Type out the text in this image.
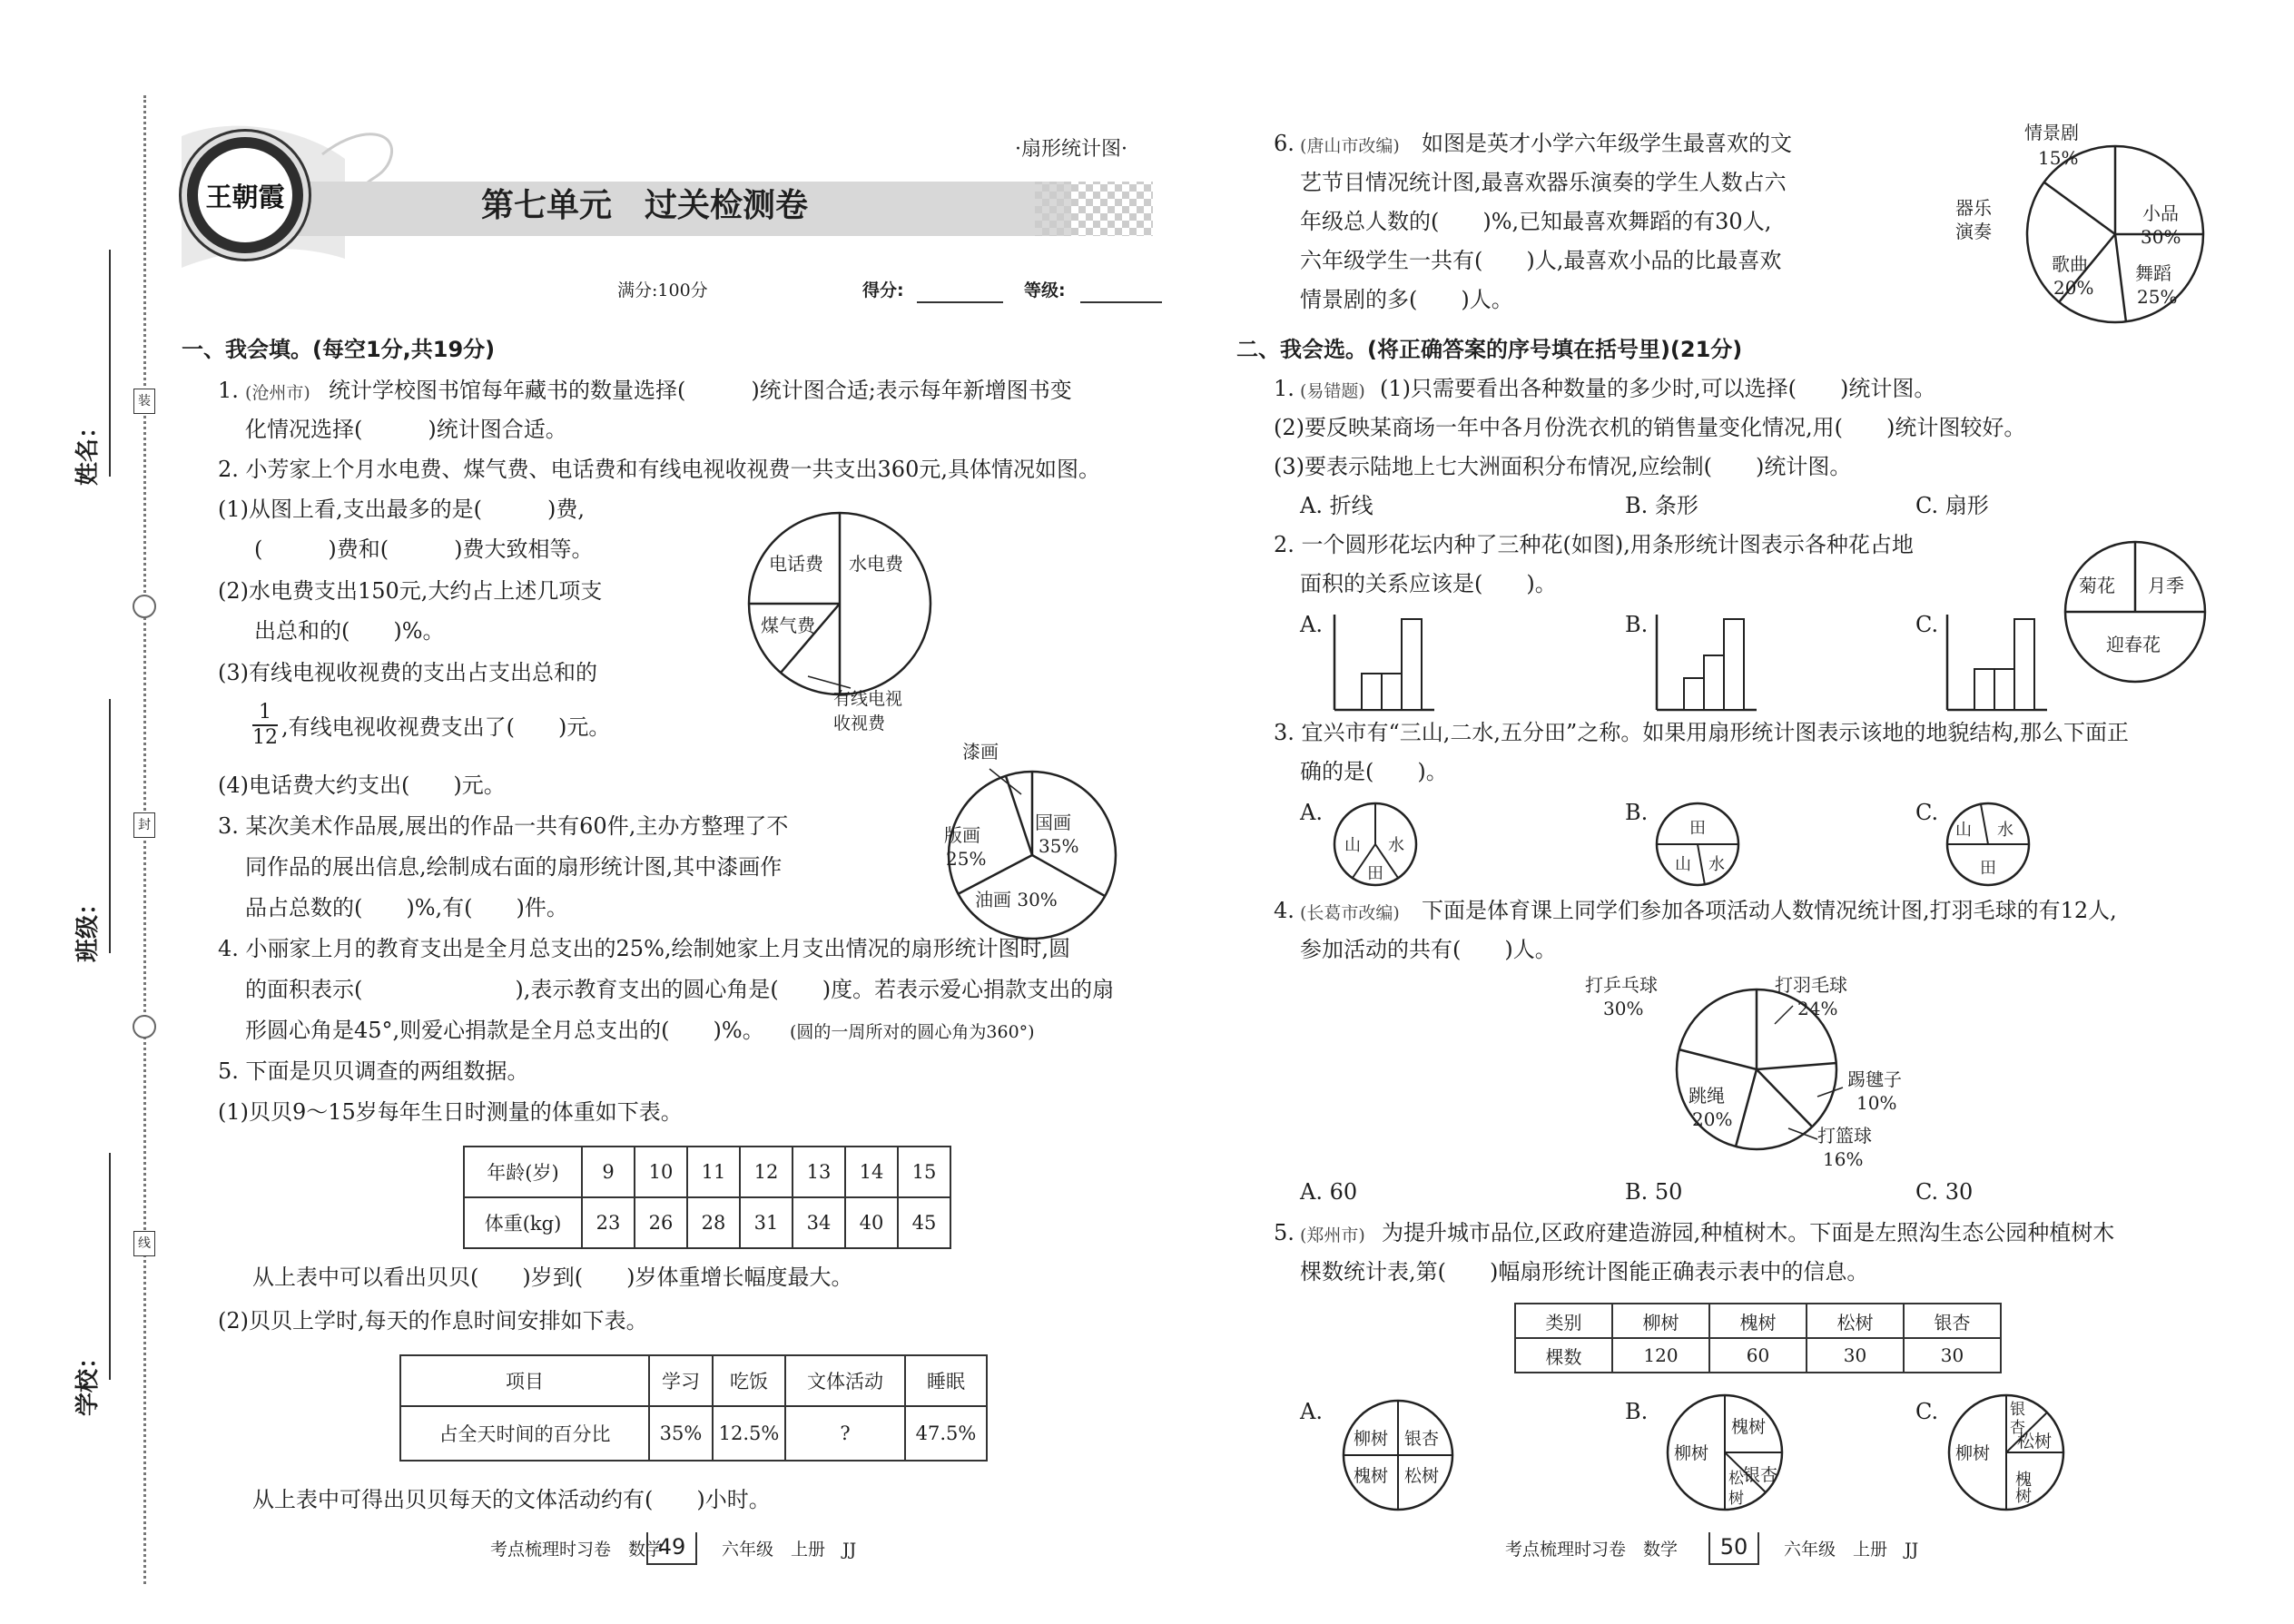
姓名：
班级：
学校：
装
封
线
王朝霞
·扇形统计图·
第七单元　过关检测卷
满分:100分	得分:	等级:
一、我会填。(每空1分,共19分)
1. (沧州市) 统计学校图书馆每年藏书的数量选择(　　　)统计图合适;表示每年新增图书变
化情况选择(　　　)统计图合适。
2. 小芳家上个月水电费、煤气费、电话费和有线电视收视费一共支出360元,具体情况如图。
(1)从图上看,支出最多的是(　　　)费,
(　　　)费和(　　　)费大致相等。
(2)水电费支出150元,大约占上述几项支
出总和的(　　)%。
(3)有线电视收视费的支出占支出总和的
$\frac{1}{12}$ ,有线电视收视费支出了(　　)元。
(4)电话费大约支出(　　)元。
电话费 水电费
煤气费
有线电视
收视费
3. 某次美术作品展,展出的作品一共有60件,主办方整理了不
同作品的展出信息,绘制成右面的扇形统计图,其中漆画作
品占总数的(　　)%,有(　　)件。
漆画
国画
35%
版画
25%
油画 30%
4. 小丽家上月的教育支出是全月总支出的25%,绘制她家上月支出情况的扇形统计图时,圆
的面积表示(　　　　　　　),表示教育支出的圆心角是(　　)度。若表示爱心捐款支出的扇
形圆心角是45°,则爱心捐款是全月总支出的(　　)%。 (圆的一周所对的圆心角为360°)
5. 下面是贝贝调查的两组数据。
(1)贝贝9～15岁每年生日时测量的体重如下表。
年龄(岁)	9	10	11	12	13	14	15
体重(kg)	23	26	28	31	34	40	45
从上表中可以看出贝贝(　　)岁到(　　)岁体重增长幅度最大。
(2)贝贝上学时,每天的作息时间安排如下表。
项目	学习	吃饭	文体活动	睡眠
占全天时间的百分比	35%	12.5%	?	47.5%
从上表中可得出贝贝每天的文体活动约有(　　)小时。
考点梳理时习卷　数学
49	六年级　上册　JJ
6. (唐山市改编) 如图是英才小学六年级学生最喜欢的文
艺节目情况统计图,最喜欢器乐演奏的学生人数占六
年级总人数的(　　)%,已知最喜欢舞蹈的有30人,
六年级学生一共有(　　)人,最喜欢小品的比最喜欢
情景剧的多(　　)人。
情景剧
15%
器乐
演奏
小品
30%
歌曲
20%
舞蹈
25%
二、我会选。(将正确答案的序号填在括号里)(21分)
1. (易错题) (1)只需要看出各种数量的多少时,可以选择(　　)统计图。
(2)要反映某商场一年中各月份洗衣机的销售量变化情况,用(　　)统计图较好。
(3)要表示陆地上七大洲面积分布情况,应绘制(　　)统计图。
A. 折线	B. 条形	C. 扇形
2. 一个圆形花坛内种了三种花(如图),用条形统计图表示各种花占地
面积的关系应该是(　　)。
A.	B.	C.
菊花 月季
迎春花
3. 宜兴市有“三山,二水,五分田”之称。如果用扇形统计图表示该地的地貌结构,那么下面正
确的是(　　)。
A.	B.	C.
山 水
田
田
山 水
山 水
田
4. (长葛市改编) 下面是体育课上同学们参加各项活动人数情况统计图,打羽毛球的有12人,
参加活动的共有(　　)人。
打乒乓球
30%
打羽毛球
24%
踢毽子
10%
跳绳
20%
打篮球
16%
A. 60	B. 50	C. 30
5. (郑州市) 为提升城市品位,区政府建造游园,种植树木。下面是左照沟生态公园种植树木
棵数统计表,第(　　)幅扇形统计图能正确表示表中的信息。
类别	柳树	槐树	松树	银杏
棵数	120	60	30	30
A.	B.	C.
柳树 银杏
槐树 松树
柳树
槐树
银杏
松
树
柳树
银
杏
松树
槐树
考点梳理时习卷　数学	50	六年级　上册　JJ
